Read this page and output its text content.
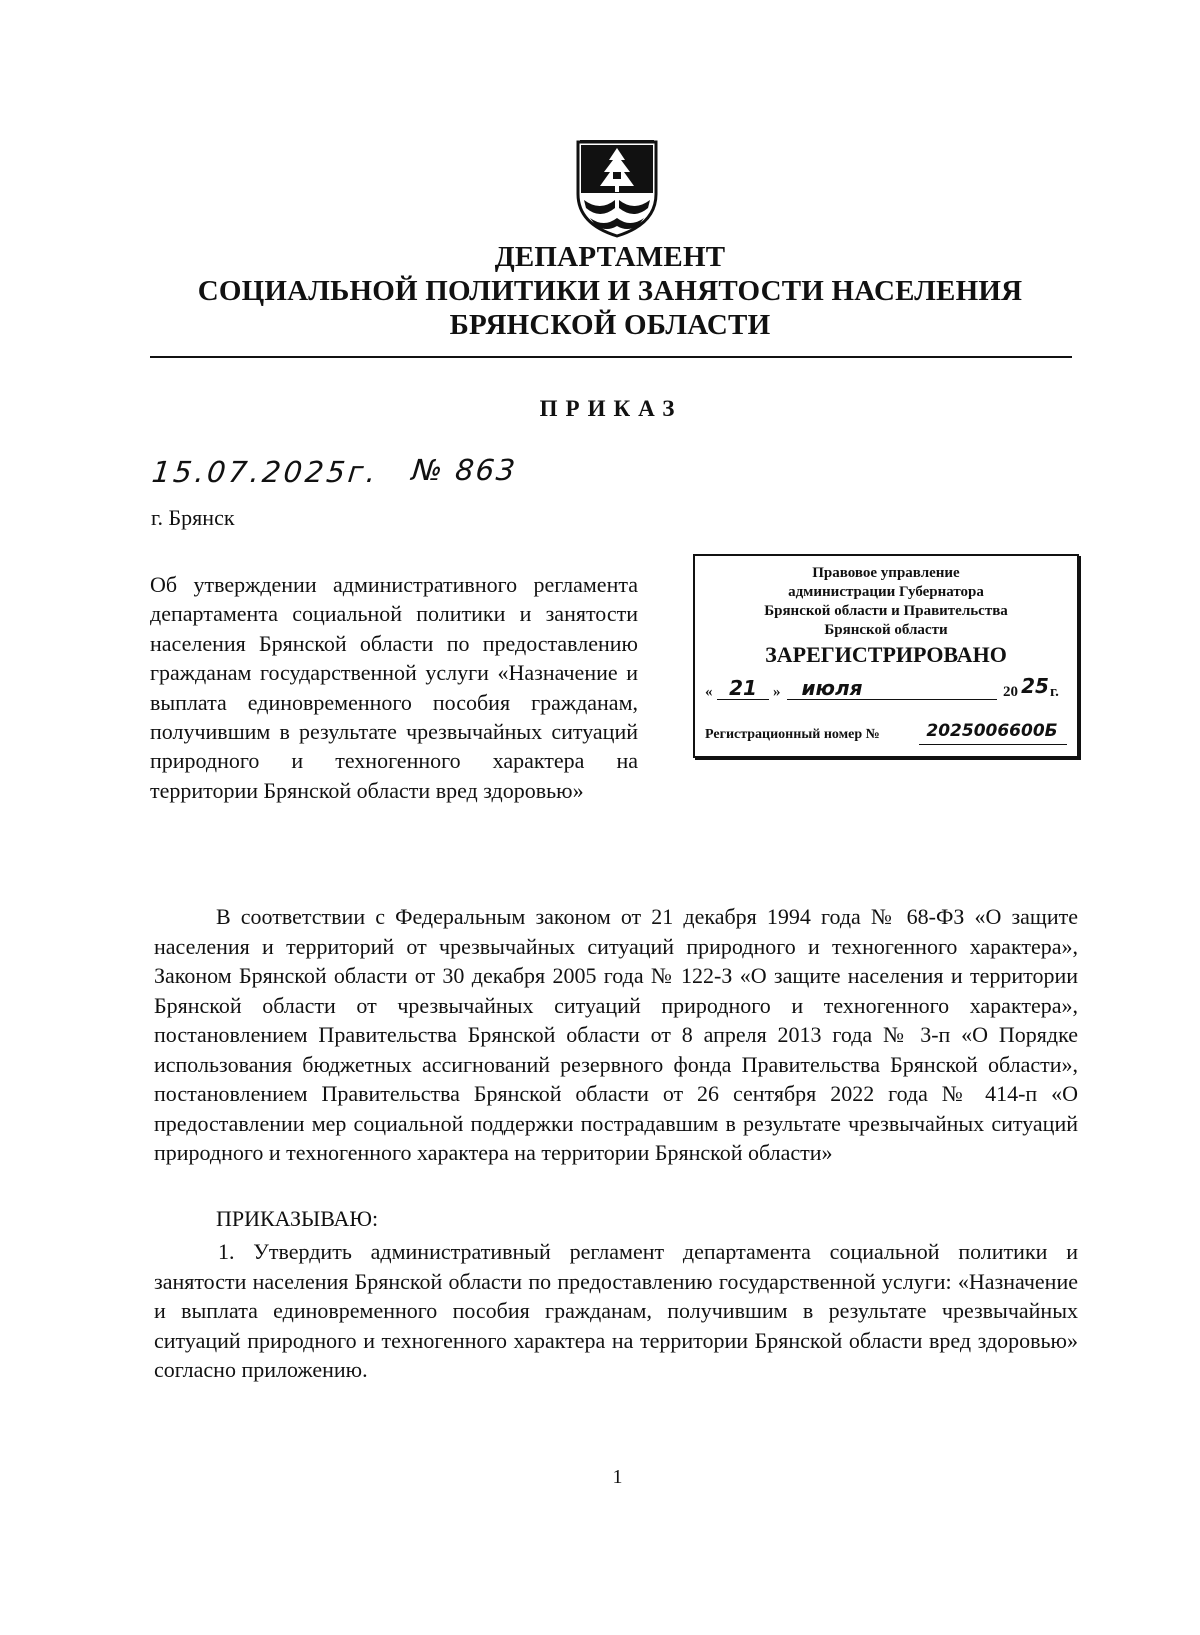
ДЕПАРТАМЕНТ
СОЦИАЛЬНОЙ ПОЛИТИКИ И ЗАНЯТОСТИ НАСЕЛЕНИЯ
БРЯНСКОЙ ОБЛАСТИ
ПРИКАЗ
15.07.2025г. № 863
г. Брянск
Об утверждении административного регламента департамента социальной политики и занятости населения Брянской области по предоставлению гражданам государственной услуги «Назначение и выплата единовременного пособия гражданам, получившим в результате чрезвычайных ситуаций природного и техногенного характера на территории Брянской области вред здоровью»
Правовое управление
администрации Губернатора
Брянской области и Правительства
Брянской области
ЗАРЕГИСТРИРОВАНО
« 21	»	июля	20 25 г.
Регистрационный номер №	2025006600Б

В соответствии с Федеральным законом от 21 декабря 1994 года № 68-ФЗ «О защите населения и территорий от чрезвычайных ситуаций природного и техногенного характера», Законом Брянской области от 30 декабря 2005 года № 122-З «О защите населения и территории Брянской области от чрезвычайных ситуаций природного и техногенного характера», постановлением Правительства Брянской области от 8 апреля 2013 года № 3-п «О Порядке использования бюджетных ассигнований резервного фонда Правительства Брянской области», постановлением Правительства Брянской области от 26 сентября 2022 года № 414-п «О предоставлении мер социальной поддержки пострадавшим в результате чрезвычайных ситуаций природного и техногенного характера на территории Брянской области»

ПРИКАЗЫВАЮ:

1. Утвердить административный регламент департамента социальной политики и занятости населения Брянской области по предоставлению государственной услуги: «Назначение и выплата единовременного пособия гражданам, получившим в результате чрезвычайных ситуаций природного и техногенного характера на территории Брянской области вред здоровью» согласно приложению.

1
